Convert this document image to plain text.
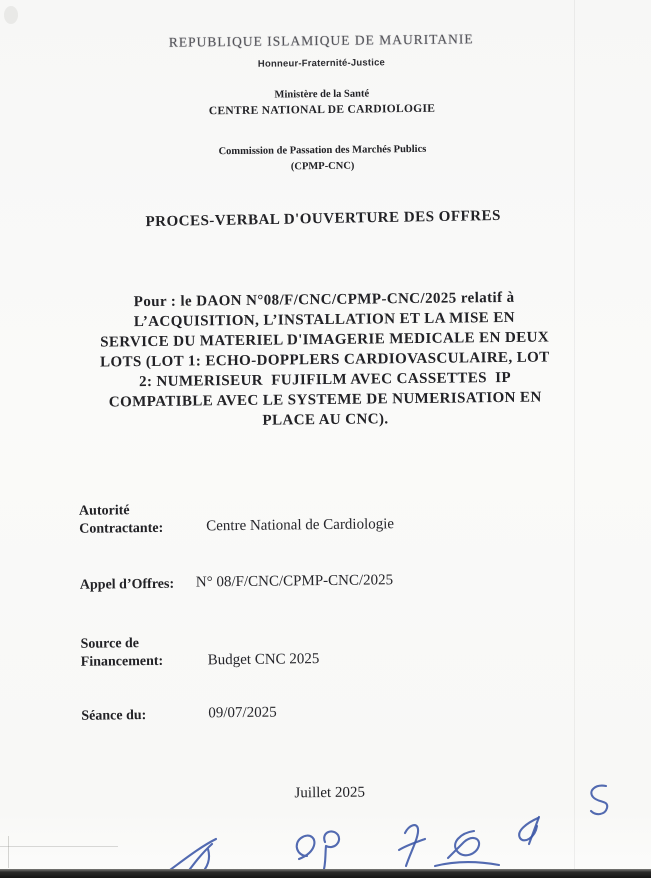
REPUBLIQUE ISLAMIQUE DE MAURITANIE
Honneur-Fraternité-Justice
Ministère de la Santé
CENTRE NATIONAL DE CARDIOLOGIE
Commission de Passation des Marchés Publics
(CPMP-CNC)
PROCES-VERBAL D'OUVERTURE DES OFFRES
Pour : le DAON N°08/F/CNC/CPMP-CNC/2025 relatif à
L’ACQUISITION, L’INSTALLATION ET LA MISE EN
SERVICE DU MATERIEL D'IMAGERIE MEDICALE EN DEUX
LOTS (LOT 1: ECHO-DOPPLERS CARDIOVASCULAIRE, LOT
2: NUMERISEUR  FUJIFILM AVEC CASSETTES  IP
COMPATIBLE AVEC LE SYSTEME DE NUMERISATION EN
PLACE AU CNC).
Autorité
Contractante:	Centre National de Cardiologie
Appel d’Offres: N° 08/F/CNC/CPMP-CNC/2025
Source de
Financement:	Budget CNC 2025
Séance du:	09/07/2025
Juillet 2025
